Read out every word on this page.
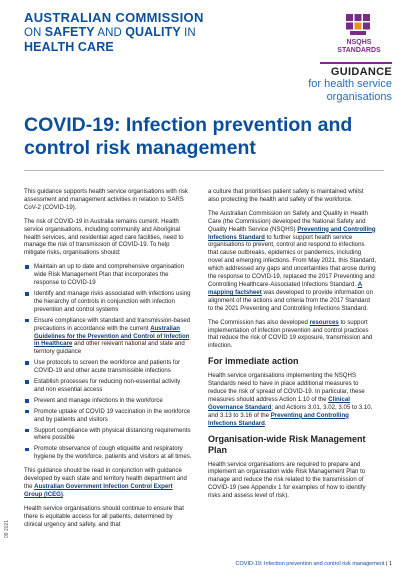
AUSTRALIAN COMMISSION
ON SAFETY AND QUALITY IN HEALTH CARE	NSQHS
STANDARDS
GUIDANCE
for health service
organisations
COVID-19: Infection prevention and control risk management

This guidance supports health service organisations with risk assessment and management activities in relation to SARS CoV-2 (COVID-19).

The risk of COVID-19 in Australia remains current. Health service organisations, including community and Aboriginal health services, and residential aged care facilities, need to manage the risk of transmission of COVID-19. To help mitigate risks, organisations should:

Maintain an up to date and comprehensive organisation wide Risk Management Plan that incorporates the response to COVID-19
Identify and manage risks associated with infections using the hierarchy of controls in conjunction with infection prevention and control systems
Ensure compliance with standard and transmission-based precautions in accordance with the current Australian Guidelines for the Prevention and Control of Infection in Healthcare and other relevant national and state and territory guidance
Use protocols to screen the workforce and patients for COVID-19 and other acute transmissible infections
Establish processes for reducing non-essential activity and non essential access
Prevent and manage infections in the workforce
Promote uptake of COVID 19 vaccination in the workforce and by patients and visitors
Support compliance with physical distancing requirements where possible
Promote observance of cough etiquette and respiratory hygiene by the workforce, patients and visitors at all times.

This guidance should be read in conjunction with guidance developed by each state and territory health department and the Australian Government Infection Control Expert Group (ICEG).

Health service organisations should continue to ensure that there is equitable access for all patients, determined by clinical urgency and safety, and that

a culture that prioritises patient safety is maintained whilst also protecting the health and safety of the workforce.

The Australian Commission on Safety and Quality in Health Care (the Commission) developed the National Safety and Quality Health Service (NSQHS) Preventing and Controlling Infections Standard to further support health service organisations to prevent, control and respond to infections that cause outbreaks, epidemics or pandemics, including novel and emerging infections. From May 2021, this Standard, which addressed any gaps and uncertainties that arose during the response to COVID-19, replaced the 2017 Preventing and Controlling Healthcare-Associated Infections Standard. A mapping factsheet was developed to provide information on alignment of the actions and criteria from the 2017 Standard to the 2021 Preventing and Controlling Infections Standard.

The Commission has also developed resources to support implementation of infection prevention and control practices that reduce the risk of COVID 19 exposure, transmission and infection.

For immediate action

Health service organisations implementing the NSQHS Standards need to have in place additional measures to reduce the risk of spread of COVID-19. In particular, these measures should address Action 1.10 of the Clinical Governance Standard; and Actions 3.01, 3.02, 3.05 to 3.10, and 3.13 to 3.16 of the Preventing and Controlling Infections Standard.

Organisation-wide Risk Management Plan

Health service organisations are required to prepare and implement an organisation wide Risk Management Plan to manage and reduce the risk related to the transmission of COVID-19 (see Appendix 1 for examples of how to identify risks and assess level of risk).

09 2021
COVID-19: Infection prevention and control risk management | 1
